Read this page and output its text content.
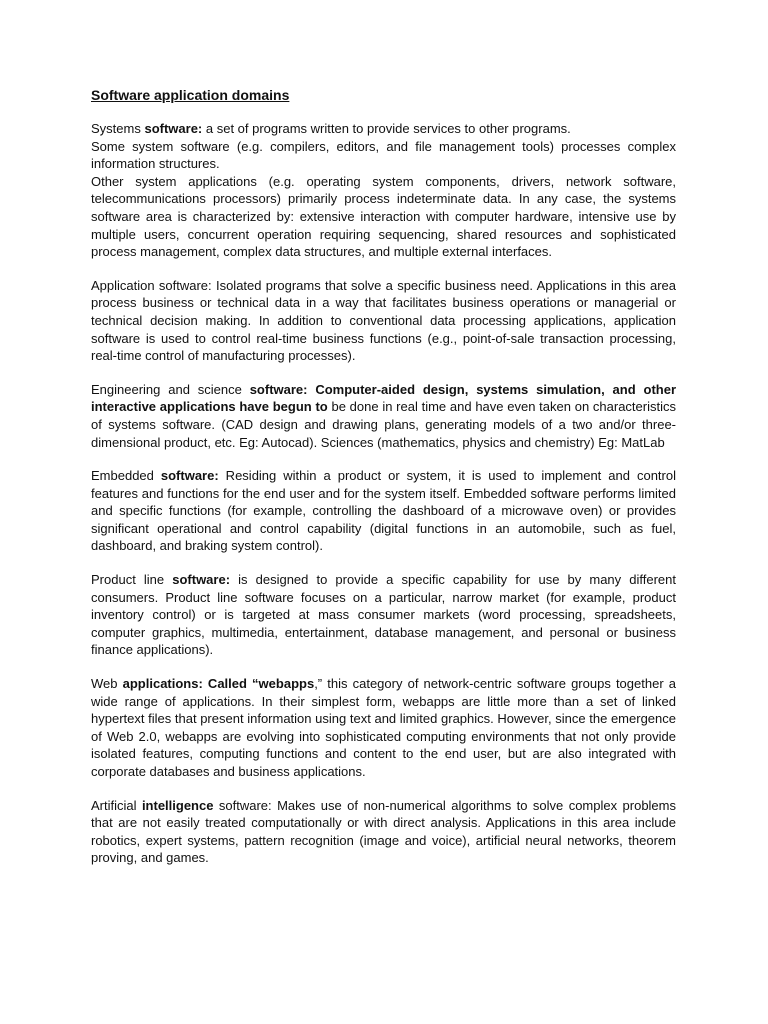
Software application domains

Systems software: a set of programs written to provide services to other programs.

Some system software (e.g. compilers, editors, and file management tools) processes complex information structures.

Other system applications (e.g. operating system components, drivers, network software, telecommunications processors) primarily process indeterminate data. In any case, the systems software area is characterized by: extensive interaction with computer hardware, intensive use by multiple users, concurrent operation requiring sequencing, shared resources and sophisticated process management, complex data structures, and multiple external interfaces.

Application software: Isolated programs that solve a specific business need. Applications in this area process business or technical data in a way that facilitates business operations or managerial or technical decision making. In addition to conventional data processing applications, application software is used to control real-time business functions (e.g., point-of-sale transaction processing, real-time control of manufacturing processes).

Engineering and science software: Computer-aided design, systems simulation, and other interactive applications have begun to be done in real time and have even taken on characteristics of systems software. (CAD design and drawing plans, generating models of a two and/or three-dimensional product, etc. Eg: Autocad). Sciences (mathematics, physics and chemistry) Eg: MatLab

Embedded software: Residing within a product or system, it is used to implement and control features and functions for the end user and for the system itself. Embedded software performs limited and specific functions (for example, controlling the dashboard of a microwave oven) or provides significant operational and control capability (digital functions in an automobile, such as fuel, dashboard, and braking system control).

Product line software: is designed to provide a specific capability for use by many different consumers. Product line software focuses on a particular, narrow market (for example, product inventory control) or is targeted at mass consumer markets (word processing, spreadsheets, computer graphics, multimedia, entertainment, database management, and personal or business finance applications).

Web applications: Called “webapps,” this category of network-centric software groups together a wide range of applications. In their simplest form, webapps are little more than a set of linked hypertext files that present information using text and limited graphics. However, since the emergence of Web 2.0, webapps are evolving into sophisticated computing environments that not only provide isolated features, computing functions and content to the end user, but are also integrated with corporate databases and business applications.

Artificial intelligence software: Makes use of non-numerical algorithms to solve complex problems that are not easily treated computationally or with direct analysis. Applications in this area include robotics, expert systems, pattern recognition (image and voice), artificial neural networks, theorem proving, and games.
